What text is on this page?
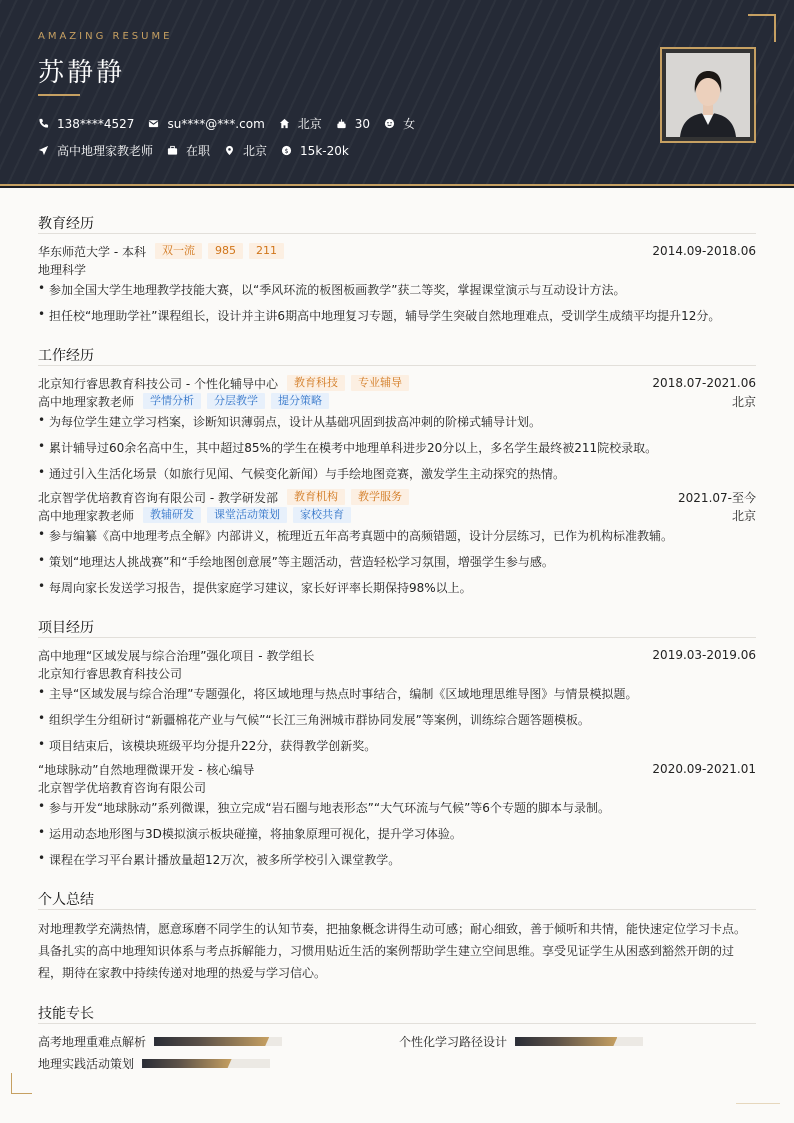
AMAZING RESUME
苏静静
138****4527	su****@***.com	北京	30	女
高中地理家教老师	在职	北京 $ 15k-20k
教育经历
华东师范大学 - 本科	双一流	985	211	2014.09-2018.06
地理科学
• 参加全国大学生地理教学技能大赛，以“季风环流的板图板画教学”获二等奖，掌握课堂演示与互动设计方法。
• 担任校“地理助学社”课程组长，设计并主讲6期高中地理复习专题，辅导学生突破自然地理难点，受训学生成绩平均提升12分。
工作经历
北京知行睿思教育科技公司 - 个性化辅导中心	教育科技	专业辅导	2018.07-2021.06
高中地理家教老师	学情分析	分层教学	提分策略	北京
• 为每位学生建立学习档案，诊断知识薄弱点，设计从基础巩固到拔高冲刺的阶梯式辅导计划。
• 累计辅导过60余名高中生，其中超过85%的学生在模考中地理单科进步20分以上，多名学生最终被211院校录取。
• 通过引入生活化场景（如旅行见闻、气候变化新闻）与手绘地图竞赛，激发学生主动探究的热情。
北京智学优培教育咨询有限公司 - 教学研发部	教育机构	教学服务	2021.07-至今
高中地理家教老师	教辅研发	课堂活动策划	家校共育	北京
• 参与编纂《高中地理考点全解》内部讲义，梳理近五年高考真题中的高频错题，设计分层练习，已作为机构标准教辅。
• 策划“地理达人挑战赛”和“手绘地图创意展”等主题活动，营造轻松学习氛围，增强学生参与感。
• 每周向家长发送学习报告，提供家庭学习建议，家长好评率长期保持98%以上。
项目经历
高中地理“区域发展与综合治理”强化项目 - 教学组长	2019.03-2019.06
北京知行睿思教育科技公司
• 主导“区域发展与综合治理”专题强化，将区域地理与热点时事结合，编制《区域地理思维导图》与情景模拟题。
• 组织学生分组研讨“新疆棉花产业与气候”“长江三角洲城市群协同发展”等案例，训练综合题答题模板。
• 项目结束后，该模块班级平均分提升22分，获得教学创新奖。
“地球脉动”自然地理微课开发 - 核心编导	2020.09-2021.01
北京智学优培教育咨询有限公司
• 参与开发“地球脉动”系列微课，独立完成“岩石圈与地表形态”“大气环流与气候”等6个专题的脚本与录制。
• 运用动态地形图与3D模拟演示板块碰撞，将抽象原理可视化，提升学习体验。
• 课程在学习平台累计播放量超12万次，被多所学校引入课堂教学。
个人总结
对地理教学充满热情，愿意琢磨不同学生的认知节奏，把抽象概念讲得生动可感；耐心细致，善于倾听和共情，能快速定位学习卡点。具备扎实的高中地理知识体系与考点拆解能力，习惯用贴近生活的案例帮助学生建立空间思维。享受见证学生从困惑到豁然开朗的过程，期待在家教中持续传递对地理的热爱与学习信心。
技能专长
高考地理重难点解析	个性化学习路径设计
地理实践活动策划
